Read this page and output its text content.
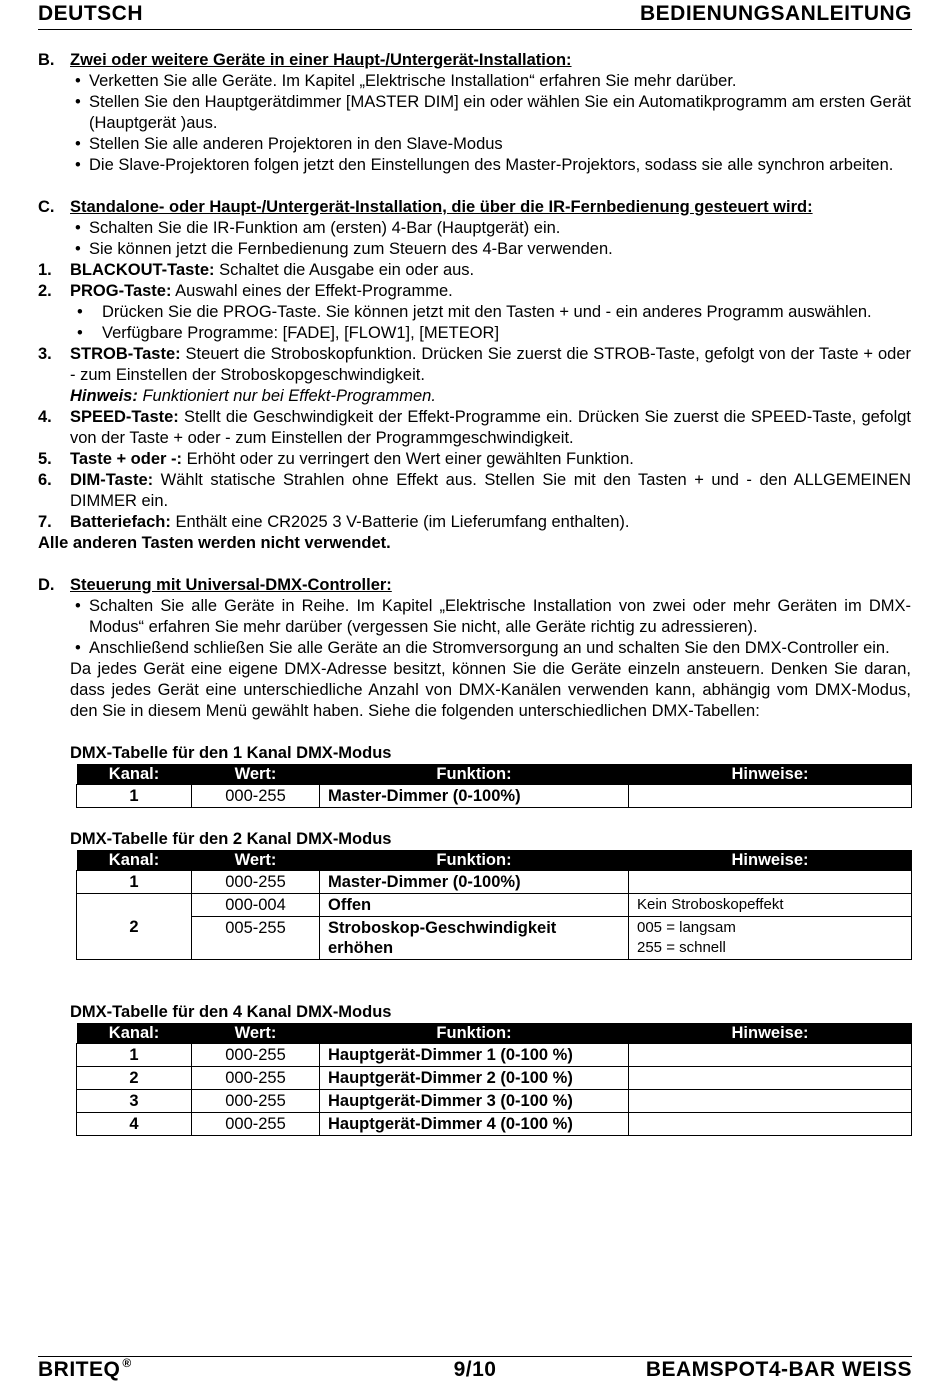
DEUTSCH	BEDIENUNGSANLEITUNG
B. Zwei oder weitere Geräte in einer Haupt-/Untergerät-Installation:
• Verketten Sie alle Geräte. Im Kapitel „Elektrische Installation“ erfahren Sie mehr darüber.
• Stellen Sie den Hauptgerätdimmer [MASTER DIM] ein oder wählen Sie ein Automatikprogramm am ersten Gerät (Hauptgerät )aus.
• Stellen Sie alle anderen Projektoren in den Slave-Modus
• Die Slave-Projektoren folgen jetzt den Einstellungen des Master-Projektors, sodass sie alle synchron arbeiten.
C. Standalone- oder Haupt-/Untergerät-Installation, die über die IR-Fernbedienung gesteuert wird:
• Schalten Sie die IR-Funktion am (ersten) 4-Bar (Hauptgerät) ein.
• Sie können jetzt die Fernbedienung zum Steuern des 4-Bar verwenden.
1. BLACKOUT-Taste: Schaltet die Ausgabe ein oder aus.
2. PROG-Taste: Auswahl eines der Effekt-Programme.
• Drücken Sie die PROG-Taste. Sie können jetzt mit den Tasten + und - ein anderes Programm auswählen.
• Verfügbare Programme: [FADE], [FLOW1], [METEOR]
3. STROB-Taste: Steuert die Stroboskopfunktion. Drücken Sie zuerst die STROB-Taste, gefolgt von der Taste + oder - zum Einstellen der Stroboskopgeschwindigkeit.
Hinweis: Funktioniert nur bei Effekt-Programmen.
4. SPEED-Taste: Stellt die Geschwindigkeit der Effekt-Programme ein. Drücken Sie zuerst die SPEED-Taste, gefolgt von der Taste + oder - zum Einstellen der Programmgeschwindigkeit.
5. Taste + oder -: Erhöht oder zu verringert den Wert einer gewählten Funktion.
6. DIM-Taste: Wählt statische Strahlen ohne Effekt aus. Stellen Sie mit den Tasten + und - den ALLGEMEINEN DIMMER ein.
7. Batteriefach: Enthält eine CR2025 3 V-Batterie (im Lieferumfang enthalten).
Alle anderen Tasten werden nicht verwendet.
D. Steuerung mit Universal-DMX-Controller:
• Schalten Sie alle Geräte in Reihe. Im Kapitel „Elektrische Installation von zwei oder mehr Geräten im DMX-Modus“ erfahren Sie mehr darüber (vergessen Sie nicht, alle Geräte richtig zu adressieren).
• Anschließend schließen Sie alle Geräte an die Stromversorgung an und schalten Sie den DMX-Controller ein.
Da jedes Gerät eine eigene DMX-Adresse besitzt, können Sie die Geräte einzeln ansteuern. Denken Sie daran, dass jedes Gerät eine unterschiedliche Anzahl von DMX-Kanälen verwenden kann, abhängig vom DMX-Modus, den Sie in diesem Menü gewählt haben. Siehe die folgenden unterschiedlichen DMX-Tabellen:
DMX-Tabelle für den 1 Kanal DMX-Modus
Kanal:	Wert:	Funktion:	Hinweise:
1	000-255	Master-Dimmer (0-100%)	
DMX-Tabelle für den 2 Kanal DMX-Modus
Kanal:	Wert:	Funktion:	Hinweise:
1	000-255	Master-Dimmer (0-100%)	
2	000-004	Offen	Kein Stroboskopeffekt
	005-255	Stroboskop-Geschwindigkeit erhöhen	005 = langsam
255 = schnell
DMX-Tabelle für den 4 Kanal DMX-Modus
Kanal:	Wert:	Funktion:	Hinweise:
1	000-255	Hauptgerät-Dimmer 1 (0-100 %)	
2	000-255	Hauptgerät-Dimmer 2 (0-100 %)	
3	000-255	Hauptgerät-Dimmer 3 (0-100 %)	
4	000-255	Hauptgerät-Dimmer 4 (0-100 %)	
BRITEQ ®	9/10	BEAMSPOT4-BAR WEISS
